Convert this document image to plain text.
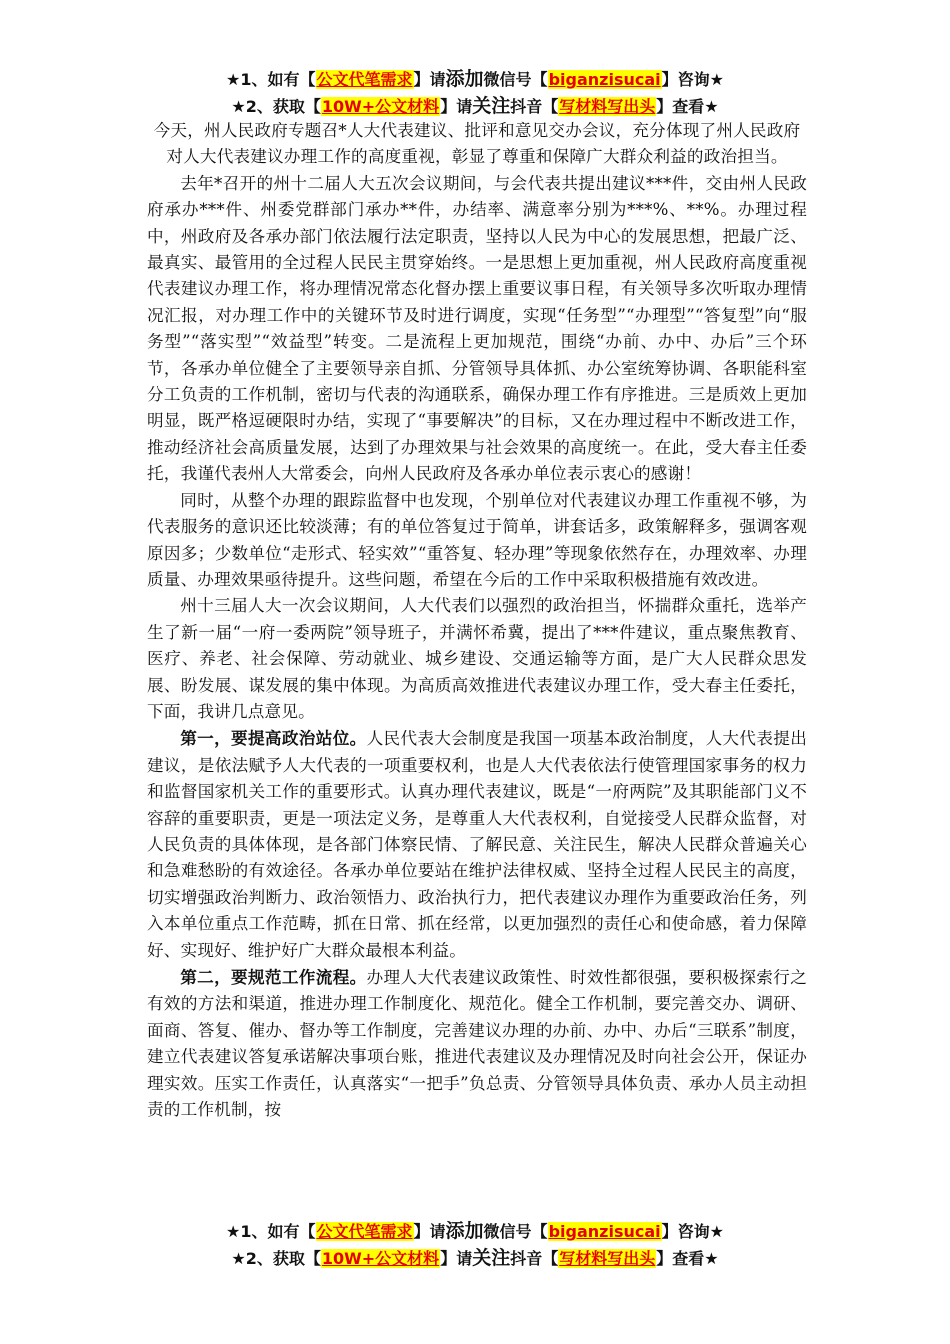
★1、如有【公文代笔需求】请添加微信号【biganzisucai】咨询★
★2、获取【10W+公文材料】请关注抖音【写材料写出头】查看★

今天，州人民政府专题召*人大代表建议、批评和意见交办会议，充分体现了州人民政府对人大代表建议办理工作的高度重视，彰显了尊重和保障广大群众利益的政治担当。

去年*召开的州十二届人大五次会议期间，与会代表共提出建议***件，交由州人民政府承办***件、州委党群部门承办**件，办结率、满意率分别为***%、**%。办理过程中，州政府及各承办部门依法履行法定职责，坚持以人民为中心的发展思想，把最广泛、最真实、最管用的全过程人民民主贯穿始终。一是思想上更加重视，州人民政府高度重视代表建议办理工作，将办理情况常态化督办摆上重要议事日程，有关领导多次听取办理情况汇报，对办理工作中的关键环节及时进行调度，实现“任务型”“办理型”“答复型”向“服务型”“落实型”“效益型”转变。二是流程上更加规范，围绕“办前、办中、办后”三个环节，各承办单位健全了主要领导亲自抓、分管领导具体抓、办公室统筹协调、各职能科室分工负责的工作机制，密切与代表的沟通联系，确保办理工作有序推进。三是质效上更加明显，既严格逗硬限时办结，实现了“事要解决”的目标，又在办理过程中不断改进工作，推动经济社会高质量发展，达到了办理效果与社会效果的高度统一。在此，受大春主任委托，我谨代表州人大常委会，向州人民政府及各承办单位表示衷心的感谢！

同时，从整个办理的跟踪监督中也发现，个别单位对代表建议办理工作重视不够，为代表服务的意识还比较淡薄；有的单位答复过于简单，讲套话多，政策解释多，强调客观原因多；少数单位“走形式、轻实效”“重答复、轻办理”等现象依然存在，办理效率、办理质量、办理效果亟待提升。这些问题，希望在今后的工作中采取积极措施有效改进。

州十三届人大一次会议期间，人大代表们以强烈的政治担当，怀揣群众重托，选举产生了新一届“一府一委两院”领导班子，并满怀希冀，提出了***件建议，重点聚焦教育、医疗、养老、社会保障、劳动就业、城乡建设、交通运输等方面，是广大人民群众思发展、盼发展、谋发展的集中体现。为高质高效推进代表建议办理工作，受大春主任委托，下面，我讲几点意见。

第一，要提高政治站位。人民代表大会制度是我国一项基本政治制度，人大代表提出建议，是依法赋予人大代表的一项重要权利，也是人大代表依法行使管理国家事务的权力和监督国家机关工作的重要形式。认真办理代表建议，既是“一府两院”及其职能部门义不容辞的重要职责，更是一项法定义务，是尊重人大代表权利，自觉接受人民群众监督，对人民负责的具体体现，是各部门体察民情、了解民意、关注民生，解决人民群众普遍关心和急难愁盼的有效途径。各承办单位要站在维护法律权威、坚持全过程人民民主的高度，切实增强政治判断力、政治领悟力、政治执行力，把代表建议办理作为重要政治任务，列入本单位重点工作范畴，抓在日常、抓在经常，以更加强烈的责任心和使命感，着力保障好、实现好、维护好广大群众最根本利益。

第二，要规范工作流程。办理人大代表建议政策性、时效性都很强，要积极探索行之有效的方法和渠道，推进办理工作制度化、规范化。健全工作机制，要完善交办、调研、面商、答复、催办、督办等工作制度，完善建议办理的办前、办中、办后“三联系”制度，建立代表建议答复承诺解决事项台账，推进代表建议及办理情况及时向社会公开，保证办理实效。压实工作责任，认真落实“一把手”负总责、分管领导具体负责、承办人员主动担责的工作机制，按

★1、如有【公文代笔需求】请添加微信号【biganzisucai】咨询★
★2、获取【10W+公文材料】请关注抖音【写材料写出头】查看★
